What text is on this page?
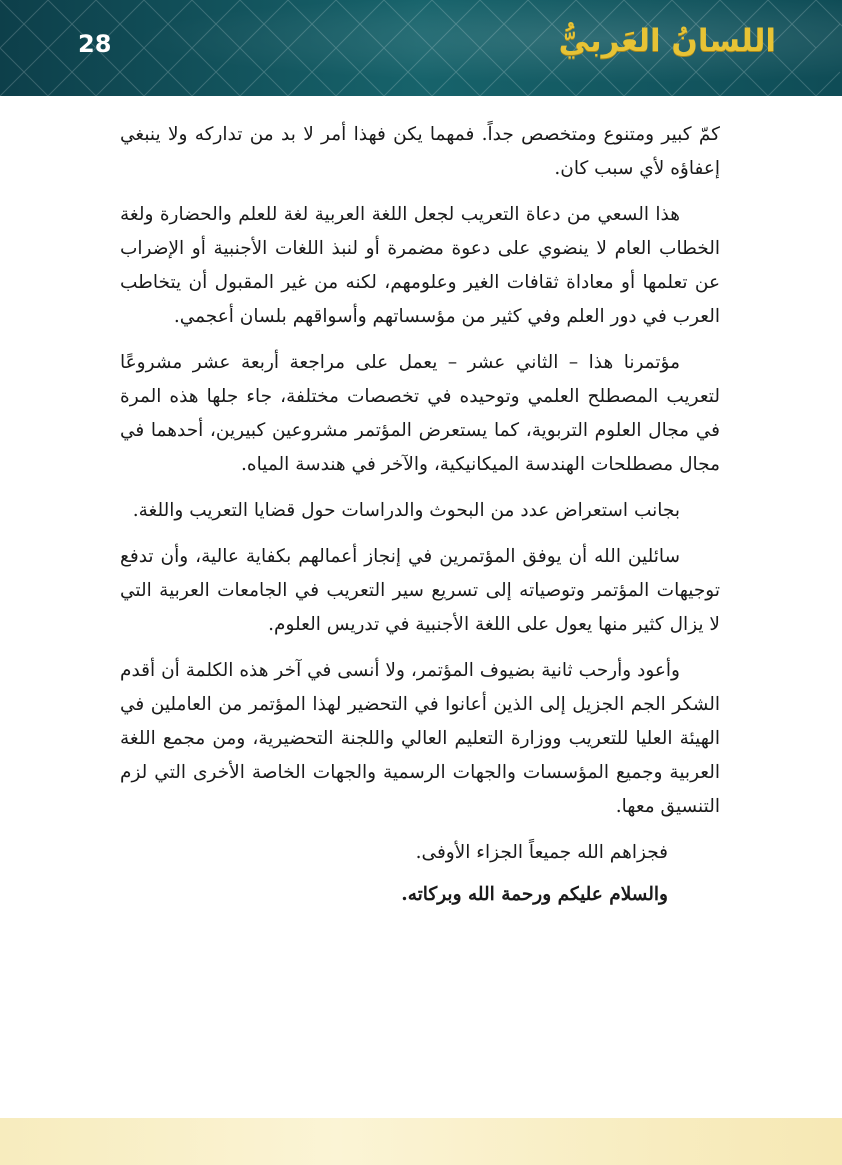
28	اللسانُ العَربيُّ

كمّ كبير ومتنوع ومتخصص جداً. فمهما يكن فهذا أمر لا بد من تداركه ولا ينبغي إعفاؤه لأي سبب كان.

هذا السعي من دعاة التعريب لجعل اللغة العربية لغة للعلم والحضارة ولغة الخطاب العام لا ينضوي على دعوة مضمرة أو لنبذ اللغات الأجنبية أو الإضراب عن تعلمها أو معاداة ثقافات الغير وعلومهم، لكنه من غير المقبول أن يتخاطب العرب في دور العلم وفي كثير من مؤسساتهم وأسواقهم بلسان أعجمي.

مؤتمرنا هذا – الثاني عشر – يعمل على مراجعة أربعة عشر مشروعًا لتعريب المصطلح العلمي وتوحيده في تخصصات مختلفة، جاء جلها هذه المرة في مجال العلوم التربوية، كما يستعرض المؤتمر مشروعين كبيرين، أحدهما في مجال مصطلحات الهندسة الميكانيكية، والآخر في هندسة المياه.

بجانب استعراض عدد من البحوث والدراسات حول قضايا التعريب واللغة.

سائلين الله أن يوفق المؤتمرين في إنجاز أعمالهم بكفاية عالية، وأن تدفع توجيهات المؤتمر وتوصياته إلى تسريع سير التعريب في الجامعات العربية التي لا يزال كثير منها يعول على اللغة الأجنبية في تدريس العلوم.

وأعود وأرحب ثانية بضيوف المؤتمر، ولا أنسى في آخر هذه الكلمة أن أقدم الشكر الجم الجزيل إلى الذين أعانوا في التحضير لهذا المؤتمر من العاملين في الهيئة العليا للتعريب ووزارة التعليم العالي واللجنة التحضيرية، ومن مجمع اللغة العربية وجميع المؤسسات والجهات الرسمية والجهات الخاصة الأخرى التي لزم التنسيق معها.

فجزاهم الله جميعاً الجزاء الأوفى.

والسلام عليكم ورحمة الله وبركاته.
